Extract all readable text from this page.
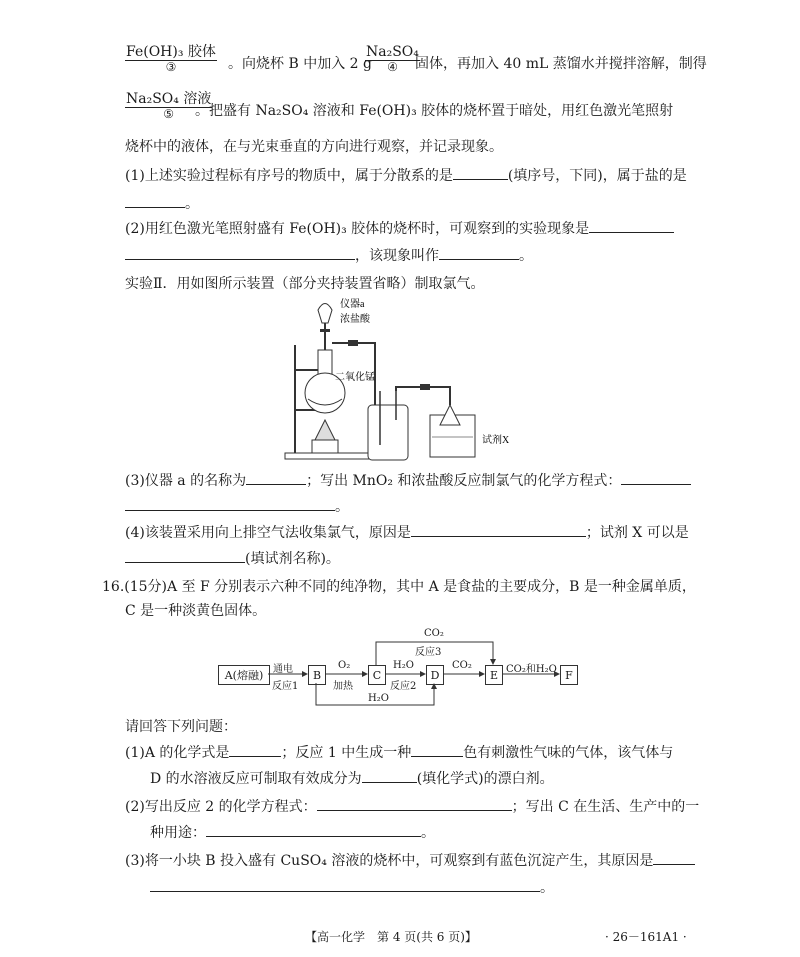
Fe(OH)₃ 胶体
③	。向烧杯 B 中加入 2 g
Na₂SO₄
④	固体，再加入 40 mL 蒸馏水并搅拌溶解，制得
Na₂SO₄ 溶液
⑤	。把盛有 Na₂SO₄ 溶液和 Fe(OH)₃ 胶体的烧杯置于暗处，用红色激光笔照射
烧杯中的液体，在与光束垂直的方向进行观察，并记录现象。
(1)上述实验过程标有序号的物质中，属于分散系的是	(填序号，下同)，属于盐的是
。
(2)用红色激光笔照射盛有 Fe(OH)₃ 胶体的烧杯时，可观察到的实验现象是
，该现象叫作	。
实验Ⅱ．用如图所示装置（部分夹持装置省略）制取氯气。
试剂X
仪器a
浓盐酸
二氧化锰
(3)仪器 a 的名称为	；写出 MnO₂ 和浓盐酸反应制氯气的化学方程式：
。
(4)该装置采用向上排空气法收集氯气，原因是	；试剂 X 可以是
(填试剂名称)。
16.(15分)A 至 F 分别表示六种不同的纯净物，其中 A 是食盐的主要成分，B 是一种金属单质，
C 是一种淡黄色固体。
A(熔融)	B	C	D	E	F
通电
反应1
O₂
加热
H₂O
反应2
CO₂	CO₂和H₂O
CO₂
反应3
H₂O
请回答下列问题：
(1)A 的化学式是	；反应 1 中生成一种	色有刺激性气味的气体，该气体与
D 的水溶液反应可制取有效成分为	(填化学式)的漂白剂。
(2)写出反应 2 的化学方程式：	；写出 C 在生活、生产中的一
种用途：	。
(3)将一小块 B 投入盛有 CuSO₄ 溶液的烧杯中，可观察到有蓝色沉淀产生，其原因是
。
【高一化学　第 4 页(共 6 页)】	· 26－161A1 ·
